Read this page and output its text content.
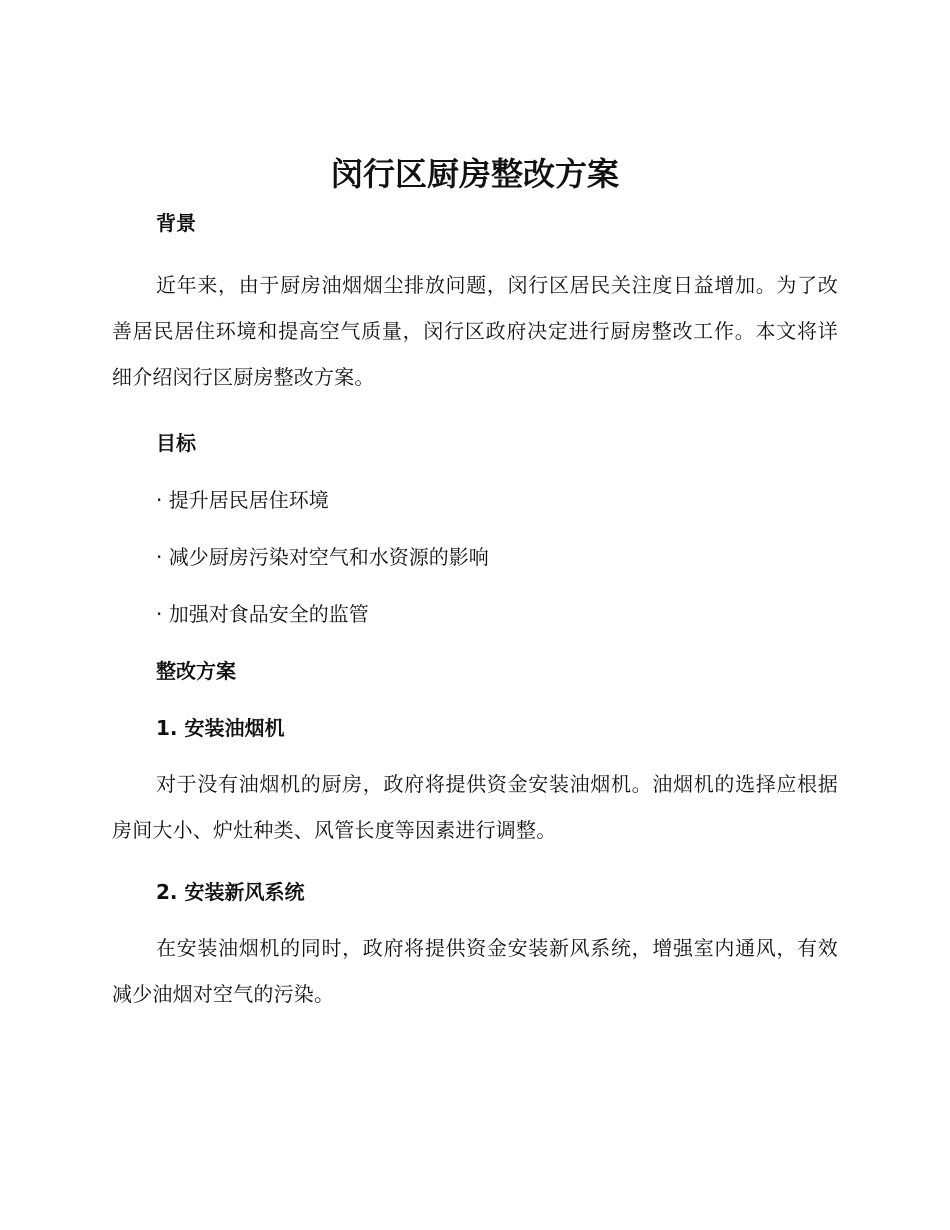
闵行区厨房整改方案
背景

近年来，由于厨房油烟烟尘排放问题，闵行区居民关注度日益增加。为了改善居民居住环境和提高空气质量，闵行区政府决定进行厨房整改工作。本文将详细介绍闵行区厨房整改方案。

目标
· 提升居民居住环境
· 减少厨房污染对空气和水资源的影响
· 加强对食品安全的监管
整改方案
1. 安装油烟机

对于没有油烟机的厨房，政府将提供资金安装油烟机。油烟机的选择应根据房间大小、炉灶种类、风管长度等因素进行调整。

2. 安装新风系统

在安装油烟机的同时，政府将提供资金安装新风系统，增强室内通风，有效减少油烟对空气的污染。
